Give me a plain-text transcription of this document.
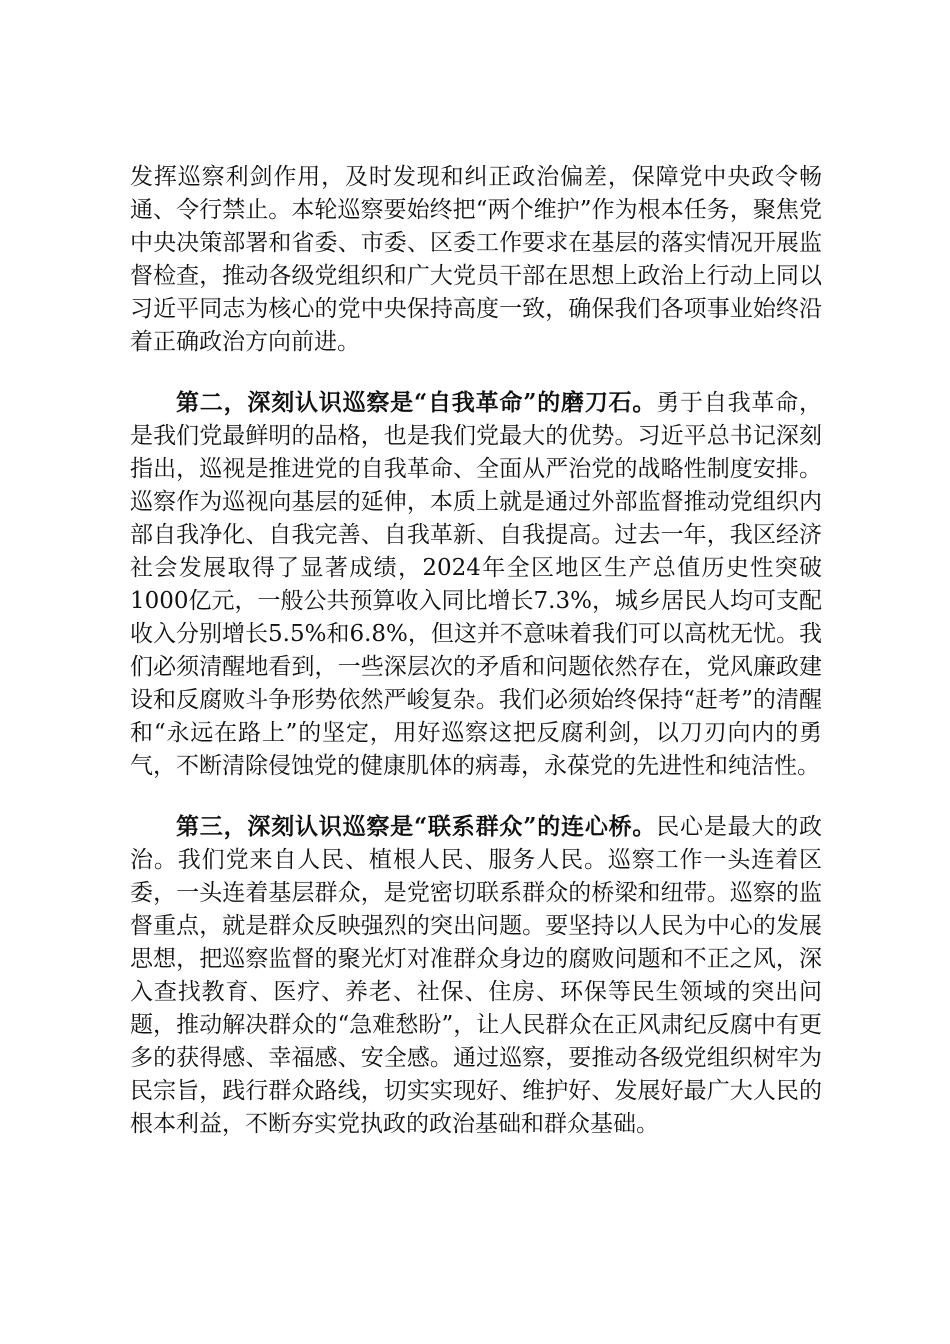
发挥巡察利剑作用，及时发现和纠正政治偏差，保障党中央政令畅通、令行禁止。本轮巡察要始终把“两个维护”作为根本任务，聚焦党中央决策部署和省委、市委、区委工作要求在基层的落实情况开展监督检查，推动各级党组织和广大党员干部在思想上政治上行动上同以习近平同志为核心的党中央保持高度一致，确保我们各项事业始终沿着正确政治方向前进。

第二，深刻认识巡察是“自我革命”的磨刀石。勇于自我革命，是我们党最鲜明的品格，也是我们党最大的优势。习近平总书记深刻指出，巡视是推进党的自我革命、全面从严治党的战略性制度安排。巡察作为巡视向基层的延伸，本质上就是通过外部监督推动党组织内部自我净化、自我完善、自我革新、自我提高。过去一年，我区经济社会发展取得了显著成绩，2024年全区地区生产总值历史性突破1000亿元，一般公共预算收入同比增长7.3%，城乡居民人均可支配收入分别增长5.5%和6.8%，但这并不意味着我们可以高枕无忧。我们必须清醒地看到，一些深层次的矛盾和问题依然存在，党风廉政建设和反腐败斗争形势依然严峻复杂。我们必须始终保持“赶考”的清醒和“永远在路上”的坚定，用好巡察这把反腐利剑，以刀刃向内的勇气，不断清除侵蚀党的健康肌体的病毒，永葆党的先进性和纯洁性。

第三，深刻认识巡察是“联系群众”的连心桥。民心是最大的政治。我们党来自人民、植根人民、服务人民。巡察工作一头连着区委，一头连着基层群众，是党密切联系群众的桥梁和纽带。巡察的监督重点，就是群众反映强烈的突出问题。要坚持以人民为中心的发展思想，把巡察监督的聚光灯对准群众身边的腐败问题和不正之风，深入查找教育、医疗、养老、社保、住房、环保等民生领域的突出问题，推动解决群众的“急难愁盼”，让人民群众在正风肃纪反腐中有更多的获得感、幸福感、安全感。通过巡察，要推动各级党组织树牢为民宗旨，践行群众路线，切实实现好、维护好、发展好最广大人民的根本利益，不断夯实党执政的政治基础和群众基础。
